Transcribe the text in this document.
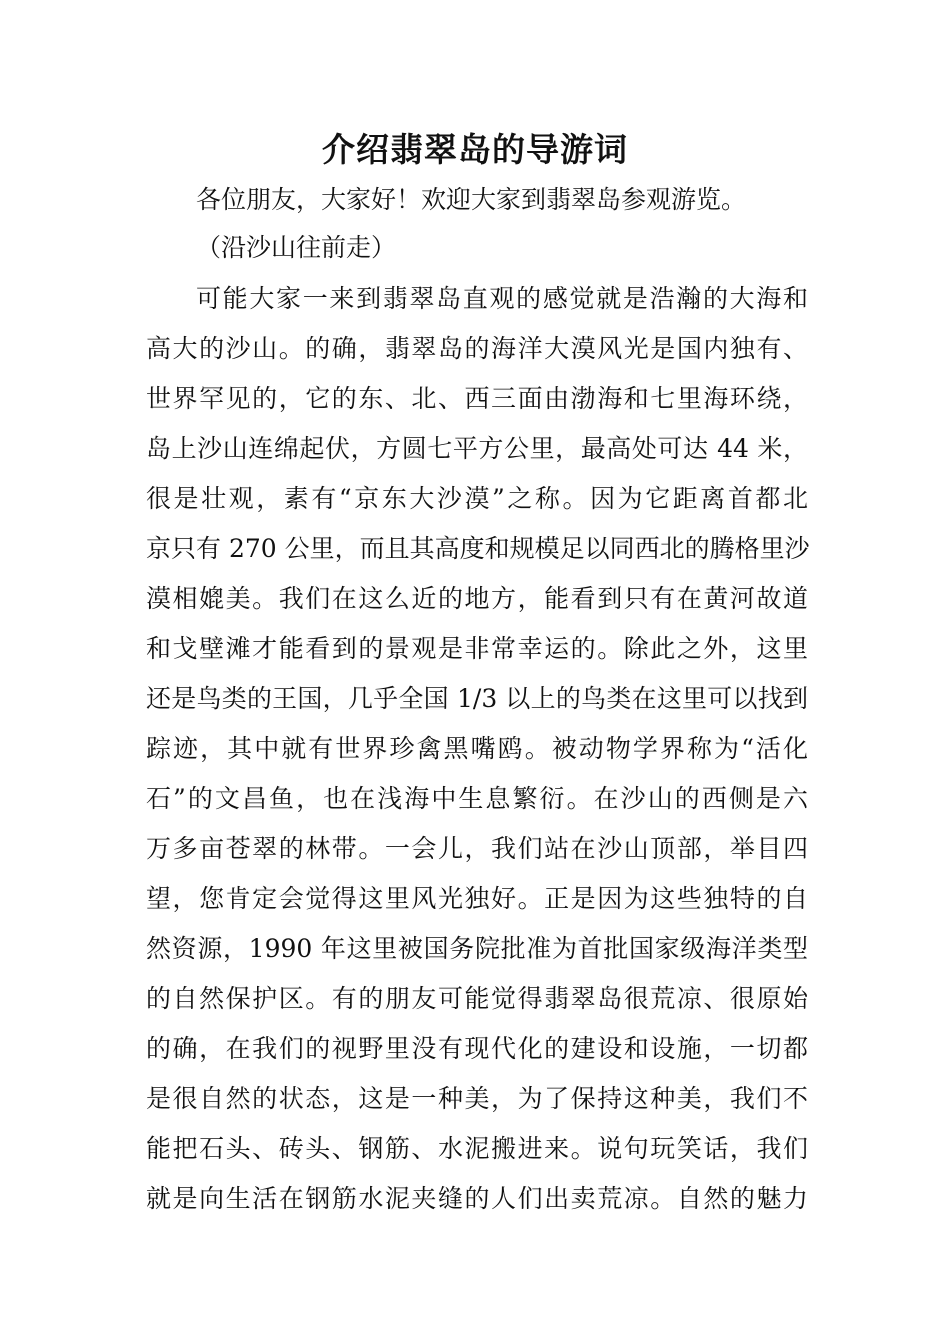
介绍翡翠岛的导游词

各位朋友，大家好！欢迎大家到翡翠岛参观游览。

（沿沙山往前走）

可能大家一来到翡翠岛直观的感觉就是浩瀚的大海和

高大的沙山。的确，翡翠岛的海洋大漠风光是国内独有、

世界罕见的，它的东、北、西三面由渤海和七里海环绕，

岛上沙山连绵起伏，方圆七平方公里，最高处可达 44 米，

很是壮观，素有“京东大沙漠”之称。因为它距离首都北

京只有 270 公里，而且其高度和规模足以同西北的腾格里沙

漠相媲美。我们在这么近的地方，能看到只有在黄河故道

和戈壁滩才能看到的景观是非常幸运的。除此之外，这里

还是鸟类的王国，几乎全国 1/3 以上的鸟类在这里可以找到

踪迹，其中就有世界珍禽黑嘴鸥。被动物学界称为“活化

石”的文昌鱼，也在浅海中生息繁衍。在沙山的西侧是六

万多亩苍翠的林带。一会儿，我们站在沙山顶部，举目四

望，您肯定会觉得这里风光独好。正是因为这些独特的自

然资源，1990 年这里被国务院批准为首批国家级海洋类型

的自然保护区。有的朋友可能觉得翡翠岛很荒凉、很原始

的确，在我们的视野里没有现代化的建设和设施，一切都

是很自然的状态，这是一种美，为了保持这种美，我们不

能把石头、砖头、钢筋、水泥搬进来。说句玩笑话，我们

就是向生活在钢筋水泥夹缝的人们出卖荒凉。自然的魅力
